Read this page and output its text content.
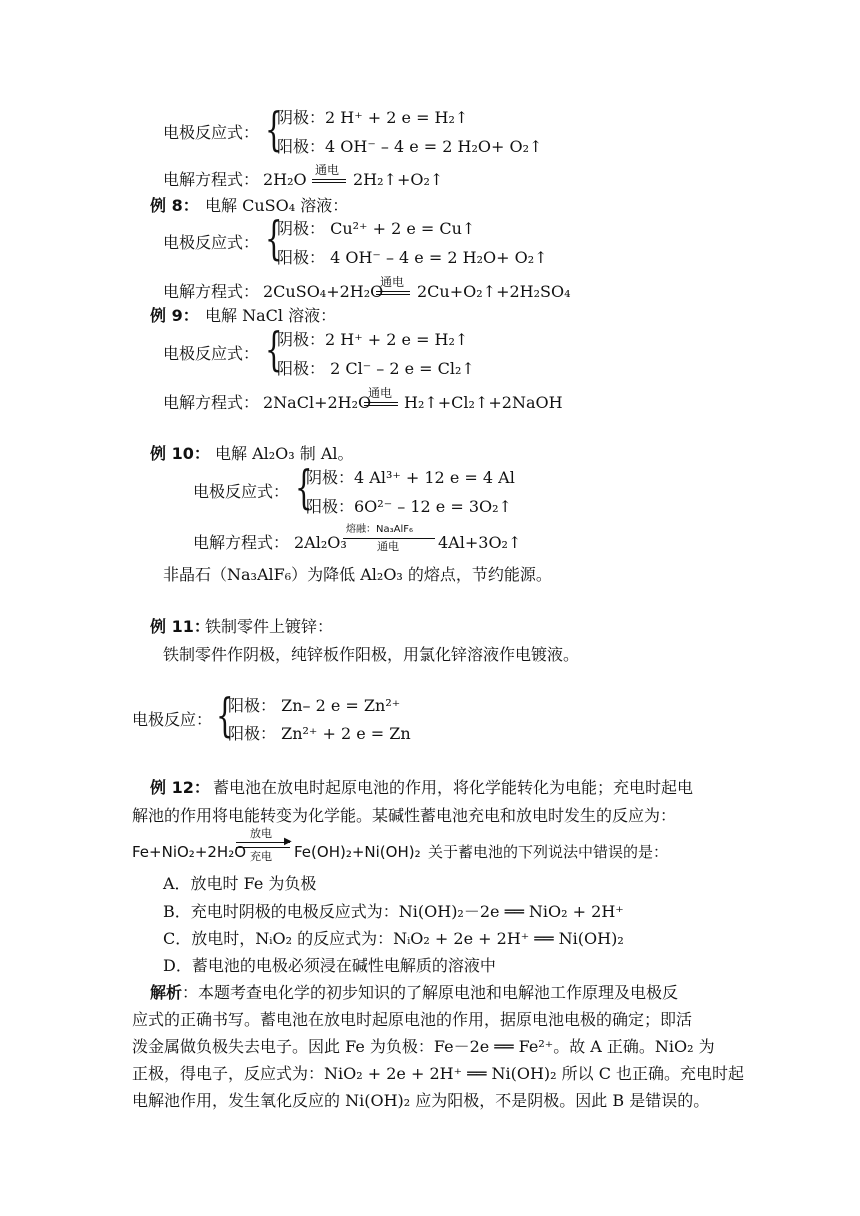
电极反应式： {
阴极：2 H⁺ + 2 e = H₂↑
阳极：4 OH⁻ – 4 e = 2 H₂O+ O₂↑
电解方程式： 2H₂O 通电 2H₂↑+O₂↑
例 8： 电解 CuSO₄ 溶液：
电极反应式： {
阴极： Cu²⁺ + 2 e = Cu↑
阳极： 4 OH⁻ – 4 e = 2 H₂O+ O₂↑
电解方程式： 2CuSO₄+2H₂O
通电 2Cu+O₂↑+2H₂SO₄
例 9： 电解 NaCl 溶液：
电极反应式： {
阴极：2 H⁺ + 2 e = H₂↑
阳极： 2 Cl⁻ – 2 e = Cl₂↑
电解方程式： 2NaCl+2H₂O
通电 H₂↑+Cl₂↑+2NaOH
例 10： 电解 Al₂O₃ 制 Al。
电极反应式： {
阴极：4 Al³⁺ + 12 e = 4 Al
阳极：6O²⁻ – 12 e = 3O₂↑
电解方程式： 2Al₂O₃
熔融：Na₃AlF₆
通电 4Al+3O₂↑
非晶石（Na₃AlF₆）为降低 Al₂O₃ 的熔点，节约能源。
例 11：
铁制零件上镀锌：
铁制零件作阴极，纯锌板作阳极，用氯化锌溶液作电镀液。
电极反应： {
阳极： Zn– 2 e = Zn²⁺
阳极： Zn²⁺ + 2 e = Zn
例 12： 蓄电池在放电时起原电池的作用，将化学能转化为电能；充电时起电
解池的作用将电能转变为化学能。某碱性蓄电池充电和放电时发生的反应为：
Fe+NiO₂+2H₂O
放电
▶
充电 Fe(OH)₂+Ni(OH)₂ 关于蓄电池的下列说法中错误的是：
A．放电时 Fe 为负极
B．充电时阴极的电极反应式为：Ni(OH)₂－2e ══ NiO₂ + 2H⁺
C．放电时，NᵢO₂ 的反应式为：NᵢO₂ + 2e + 2H⁺ ══ Ni(OH)₂
D．蓄电池的电极必须浸在碱性电解质的溶液中
解析 ：本题考查电化学的初步知识的了解原电池和电解池工作原理及电极反
应式的正确书写。蓄电池在放电时起原电池的作用，据原电池电极的确定；即活
泼金属做负极失去电子。因此 Fe 为负极：Fe－2e ══ Fe²⁺。故 A 正确。NiO₂ 为
正极，得电子，反应式为：NiO₂ + 2e + 2H⁺ ══ Ni(OH)₂ 所以 C 也正确。充电时起
电解池作用，发生氧化反应的 Ni(OH)₂ 应为阳极，不是阴极。因此 B 是错误的。
